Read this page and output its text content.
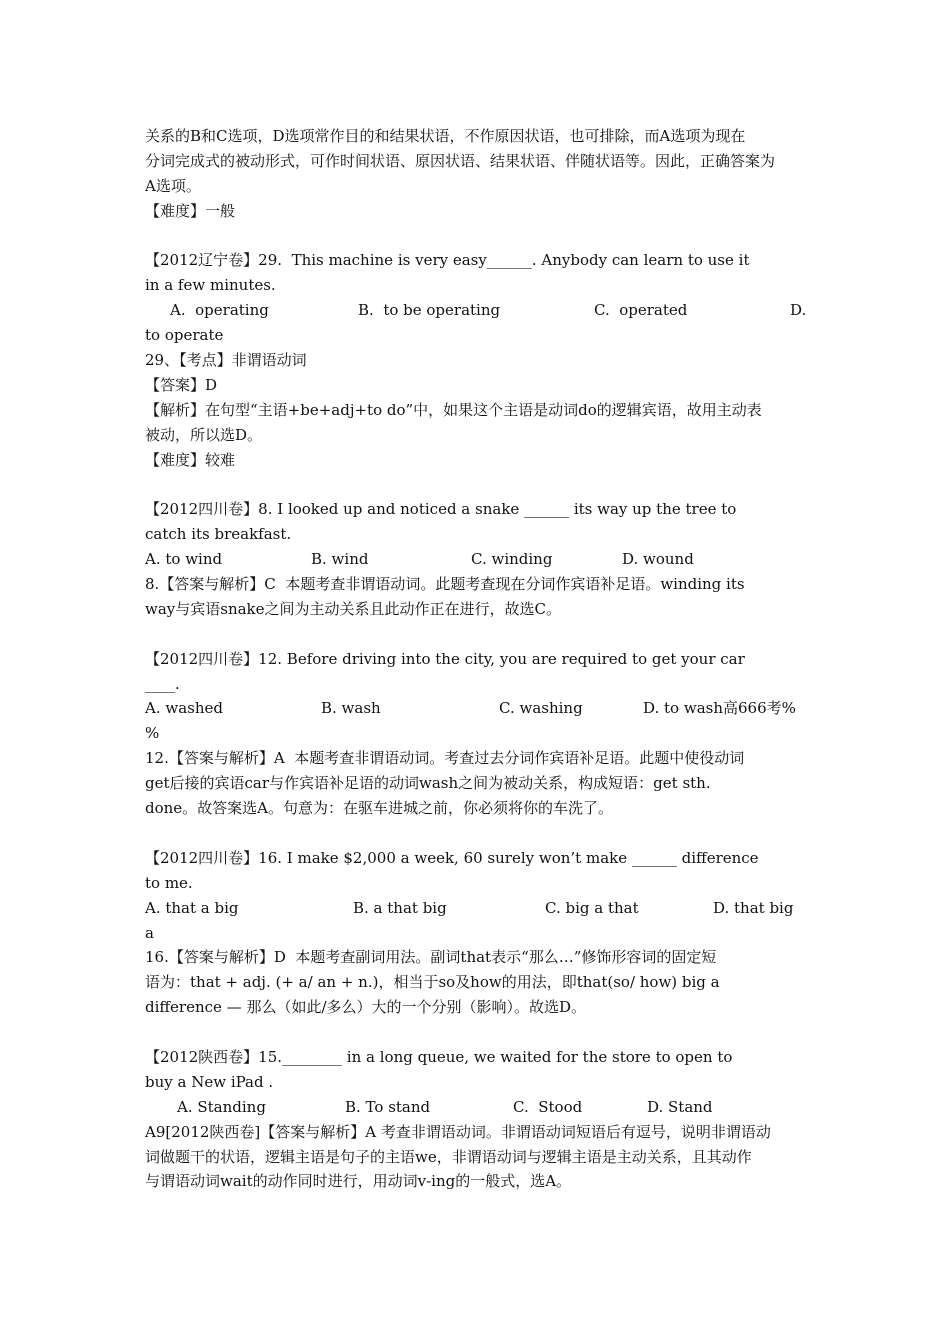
关系的B和C选项，D选项常作目的和结果状语，不作原因状语，也可排除，而A选项为现在
分词完成式的被动形式，可作时间状语、原因状语、结果状语、伴随状语等。因此，正确答案为
A选项。
【难度】一般
【2012辽宁卷】29.  This machine is very easy______. Anybody can learn to use it
in a few minutes.
A.  operating	B.  to be operating	C.  operated	D.
to operate
29、【考点】非谓语动词
【答案】D
【解析】在句型“主语+be+adj+to do”中，如果这个主语是动词do的逻辑宾语，故用主动表
被动，所以选D。
【难度】较难
【2012四川卷】8. I looked up and noticed a snake ______ its way up the tree to
catch its breakfast.
A. to wind	B. wind	C. winding	D. wound
8.【答案与解析】C  本题考查非谓语动词。此题考查现在分词作宾语补足语。winding its
way与宾语snake之间为主动关系且此动作正在进行，故选C。
【2012四川卷】12. Before driving into the city, you are required to get your car
____.
A. washed	B. wash	C. washing	D. to wash高666考%
%
12.【答案与解析】A  本题考查非谓语动词。考查过去分词作宾语补足语。此题中使役动词
get后接的宾语car与作宾语补足语的动词wash之间为被动关系，构成短语：get sth.
done。故答案选A。句意为：在驱车进城之前，你必须将你的车洗了。
【2012四川卷】16. I make $2,000 a week, 60 surely won’t make ______ difference
to me.
A. that a big	B. a that big	C. big a that	D. that big
a
16.【答案与解析】D  本题考查副词用法。副词that表示“那么…”修饰形容词的固定短
语为：that + adj. (+ a/ an + n.)，相当于so及how的用法，即that(so/ how) big a
difference — 那么（如此/多么）大的一个分别（影响）。故选D。
【2012陕西卷】15.________ in a long queue, we waited for the store to open to
buy a New iPad .
A. Standing	B. To stand	C.  Stood	D. Stand
A9[2012陕西卷]【答案与解析】A 考查非谓语动词。非谓语动词短语后有逗号，说明非谓语动
词做题干的状语，逻辑主语是句子的主语we，非谓语动词与逻辑主语是主动关系，且其动作
与谓语动词wait的动作同时进行，用动词v-ing的一般式，选A。
